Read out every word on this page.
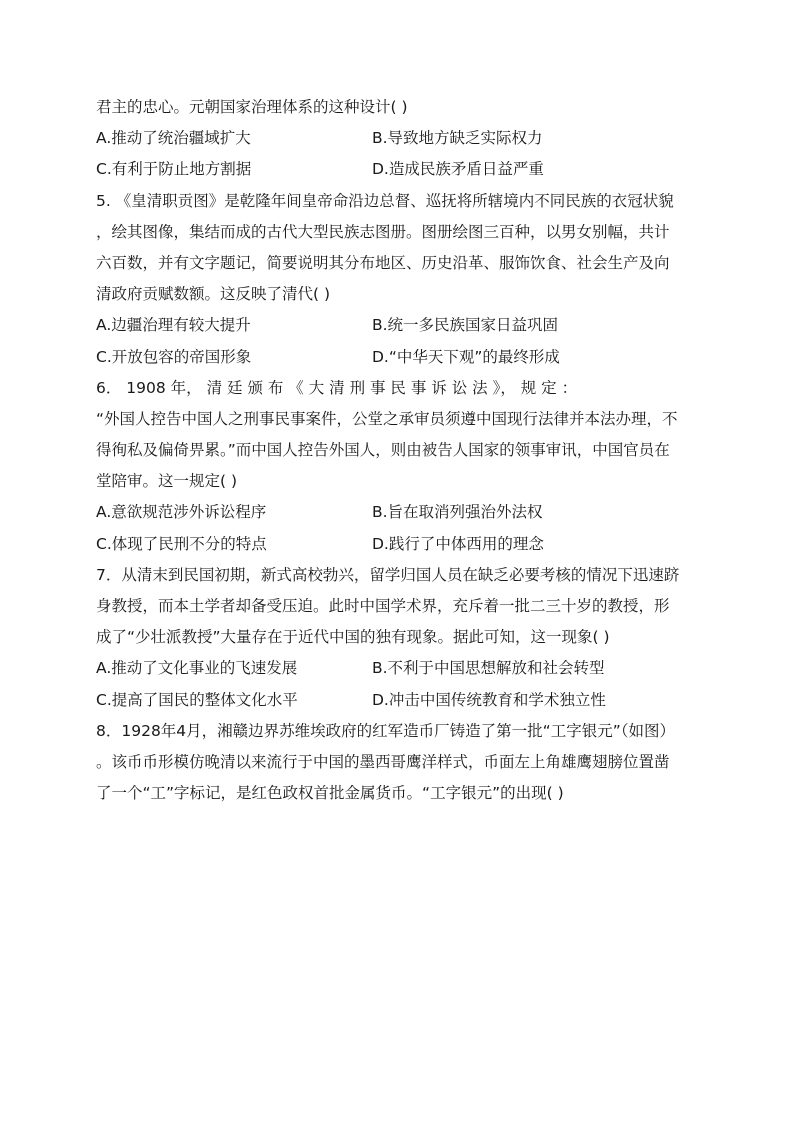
君主的忠心。元朝国家治理体系的这种设计( )
A.推动了统治疆域扩大	B.导致地方缺乏实际权力
C.有利于防止地方割据	D.造成民族矛盾日益严重
5. 《皇清职贡图》是乾隆年间皇帝命沿边总督、巡抚将所辖境内不同民族的衣冠状貌
，绘其图像，集结而成的古代大型民族志图册。图册绘图三百种，以男女别幅，共计
六百数，并有文字题记，简要说明其分布地区、历史沿革、服饰饮食、社会生产及向
清政府贡赋数额。这反映了清代( )
A.边疆治理有较大提升	B.统一多民族国家日益巩固
C.开放包容的帝国形象	D.“中华天下观”的最终形成
6． 1908 年， 清 廷 颁 布 《 大 清 刑 事 民 事 诉 讼 法 》， 规 定 ：
“外国人控告中国人之刑事民事案件，公堂之承审员须遵中国现行法律并本法办理，不
得徇私及偏倚畀累。”而中国人控告外国人，则由被告人国家的领事审讯，中国官员在
堂陪审。这一规定( )
A.意欲规范涉外诉讼程序	B.旨在取消列强治外法权
C.体现了民刑不分的特点	D.践行了中体西用的理念
7．从清末到民国初期，新式高校勃兴，留学归国人员在缺乏必要考核的情况下迅速跻
身教授，而本土学者却备受压迫。此时中国学术界，充斥着一批二三十岁的教授，形
成了“少壮派教授”大量存在于近代中国的独有现象。据此可知，这一现象( )
A.推动了文化事业的飞速发展	B.不利于中国思想解放和社会转型
C.提高了国民的整体文化水平	D.冲击中国传统教育和学术独立性
8．1928年4月，湘赣边界苏维埃政府的红军造币厂铸造了第一批“工字银元”（如图）
。该币币形模仿晚清以来流行于中国的墨西哥鹰洋样式，币面左上角雄鹰翅膀位置凿
了一个“工”字标记，是红色政权首批金属货币。“工字银元”的出现( )
